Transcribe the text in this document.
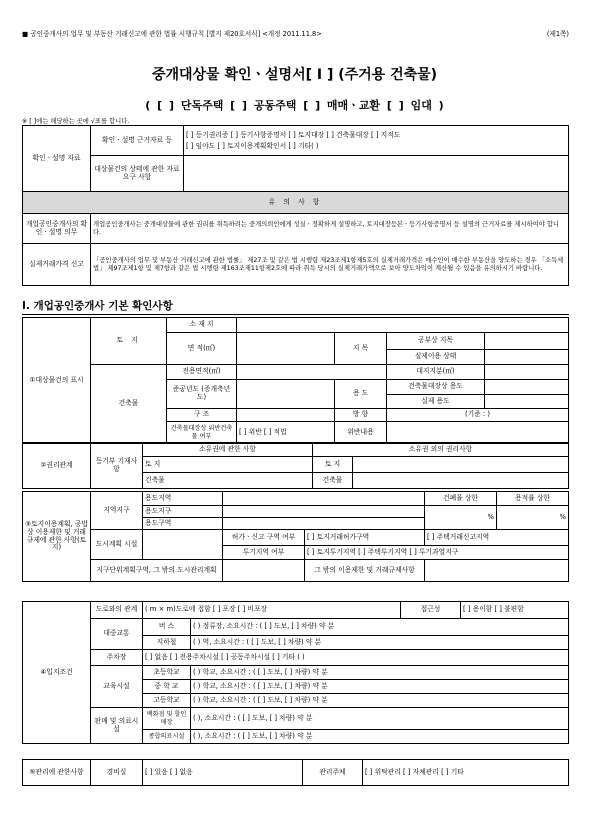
■ 공인중개사의 업무 및 부동산 거래신고에 관한 법률 시행규칙 [별지 제20호서식] <개정 2011.11.8>	(제1쪽)
중개대상물 확인ㆍ설명서[ I ] (주거용 건축물)
( [ ] 단독주택 [ ] 공동주택 [ ] 매매ㆍ교환 [ ] 임대 )
※ [ ]에는 해당하는 곳에 √표를 합니다.
확인ㆍ설명 자료	확인ㆍ설명 근거자료 등	[ ] 등기권리증 [ ] 등기사항증명서 [ ] 토지대장 [ ] 건축물대장 [ ] 지적도
[ ] 임야도 [ ] 토지이용계획확인서 [ ] 기타( )

	대상물건의 상태에 관한 자료요구 사항	
유 의 사 항		
개업공인중개사의 확인ㆍ설명 의무	개업공인중개사는 중개대상물에 관한 권리를 취득하려는 중개의뢰인에게 성실ㆍ정확하게 설명하고, 토지대장등본ㆍ등기사항증명서 등 설명의 근거자료를 제시하여야 합니다.	
실제거래가격 신고	「공인중개사의 업무 및 부동산 거래신고에 관한 법률」 제27조 및 같은 법 시행령 제23조제1항제5호의 실제거래가격은 매수인이 매수한 부동산을 양도하는 경우 「소득세법」 제97조제1항 및 제7항과 같은 법 시행령 제163조제11항제2호에 따라 취득 당시의 실제거래가액으로 보아 양도차익이 계산될 수 있음을 유의하시기 바랍니다.	
Ⅰ. 개업공인중개사 기본 확인사항
①대상물건의 표시	토 지	소 재 지				
		면 적(㎡)		지 목	공부상 지목	
					실제이용 상태	
	건축물	전용면적(㎡)			대지지분(㎡)	
		준공년도 (증개축년도)		용 도	건축물대장상 용도	
					실제 용도	
		구 조		방 향	(기준 : )	
		건축물대장상 위반건축물 여부	[ ] 위반 [ ] 적법	위반내용		
②권리관계	등기부 기재사항	소유권에 관한 사항	소유권 외의 권리사항	
		토 지	토 지	
		건축물	건축물	
③토지이용계획, 공법상 이용제한 및 거래규제에 관한 사항(토지)	지역지구	용도지역			건폐율 상한	용적률 상한
		용도지구			%	%
		용도구역				
	도시계획 시설		허가ㆍ신고 구역 여부	[ ] 토지거래허가구역	[ ] 주택거래신고지역	
			투기지역 여부	[ ] 토지투기지역 [ ] 주택투기지역 [ ] 투기과열지구		
	지구단위계획구역, 그 밖의 도시관리계획			그 밖의 이용제한 및 거래규제사항		
④입지조건	도로와의 관계	( m × m)도로에 접함 [ ] 포장 [ ] 비포장		접근성	[ ] 용이함 [ ] 불편함
	대중교통	버 스	( ) 정류장, 소요시간 : ( [ ] 도보, [ ] 차량) 약 분		
		지하철	( ) 역, 소요시간 : ( [ ] 도보, [ ] 차량) 약 분		
	주차장	[ ] 없음 [ ] 전용주차시설 [ ] 공동주차시설 [ ] 기타 ( )			
	교육시설	초등학교	( ) 학교, 소요시간 : ( [ ] 도보, [ ] 차량) 약 분		
		중 학 교	( ) 학교, 소요시간 : ( [ ] 도보, [ ] 차량) 약 분		
		고등학교	( ) 학교, 소요시간 : ( [ ] 도보, [ ] 차량) 약 분		
	판매 및 의료시설	백화점 및 할인매장	( ), 소요시간 : ( [ ] 도보, [ ] 차량) 약 분		
		종합의료시설	( ), 소요시간 : ( [ ] 도보, [ ] 차량) 약 분		
⑤관리에 관한사항	경비실	[ ] 있음 [ ] 없음	관리주체	[ ] 위탁관리 [ ] 자체관리 [ ] 기타
